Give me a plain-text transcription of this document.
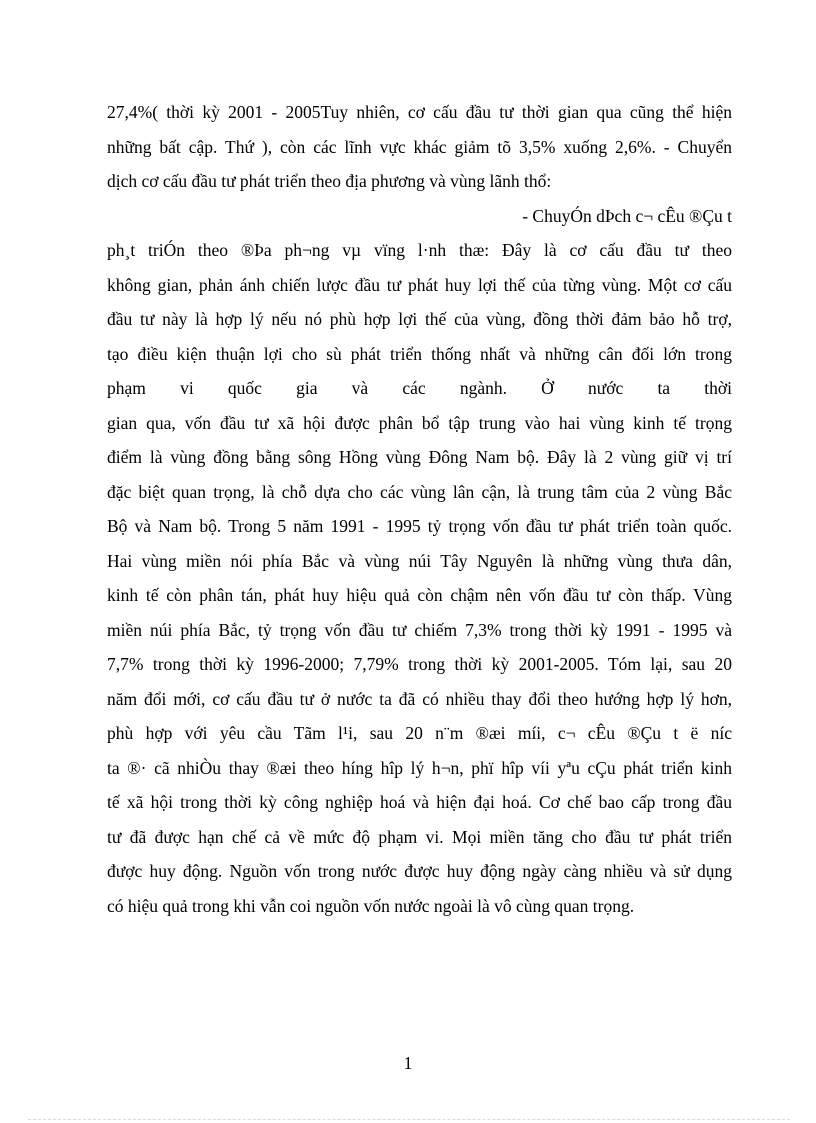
27,4%( thời kỳ 2001 - 2005Tuy nhiên, cơ cấu đầu tư thời gian qua cũng thể hiện
những bất cập. Thứ ), còn các lĩnh vực khác giảm tõ 3,5% xuống 2,6%. - Chuyển
dịch cơ cấu đầu tư phát triển theo địa phương và vùng lãnh thổ:
- ChuyÓn dÞch c¬ cÊu ®Çu t
ph¸t triÓn theo ®Þa ph¬ng vµ vïng l·nh thæ: Đây là cơ cấu đầu tư theo
không gian, phản ánh chiến lược đầu tư phát huy lợi thế của từng vùng. Một cơ cấu
đầu tư này là hợp lý nếu nó phù hợp lợi thế của vùng, đồng thời đảm bảo hỗ trợ,
tạo điều kiện thuận lợi cho sù phát triển thống nhất và những cân đối lớn trong
phạm vi quốc gia và các ngành. Ở nước ta thời
gian qua, vốn đầu tư xã hội được phân bổ tập trung vào hai vùng kinh tế trọng
điểm là vùng đồng bằng sông Hồng vùng Đông Nam bộ. Đây là 2 vùng giữ vị trí
đặc biệt quan trọng, là chỗ dựa cho các vùng lân cận, là trung tâm của 2 vùng Bắc
Bộ và Nam bộ. Trong 5 năm 1991 - 1995 tỷ trọng vốn đầu tư phát triển toàn quốc.
Hai vùng miền nói phía Bắc và vùng núi Tây Nguyên là những vùng thưa dân,
kinh tế còn phân tán, phát huy hiệu quả còn chậm nên vốn đầu tư còn thấp. Vùng
miền núi phía Bắc, tỷ trọng vốn đầu tư chiếm 7,3% trong thời kỳ 1991 - 1995 và
7,7% trong thời kỳ 1996-2000; 7,79% trong thời kỳ 2001-2005. Tóm lại, sau 20
năm đổi mới, cơ cấu đầu tư ở nước ta đã có nhiều thay đổi theo hướng hợp lý hơn,
phù hợp với yêu cầu Tãm l¹i, sau 20 n¨m ®æi míi, c¬ cÊu ®Çu t ë níc
ta ®· cã nhiÒu thay ®æi theo híng hîp lý h¬n, phï hîp víi yªu cÇu phát triển kinh
tế xã hội trong thời kỳ công nghiệp hoá và hiện đại hoá. Cơ chế bao cấp trong đầu
tư đã được hạn chế cả về mức độ phạm vi. Mọi miền tăng cho đầu tư phát triển
được huy động. Nguồn vốn trong nước được huy động ngày càng nhiều và sử dụng
có hiệu quả trong khi vẫn coi nguồn vốn nước ngoài là vô cùng quan trọng.
1
